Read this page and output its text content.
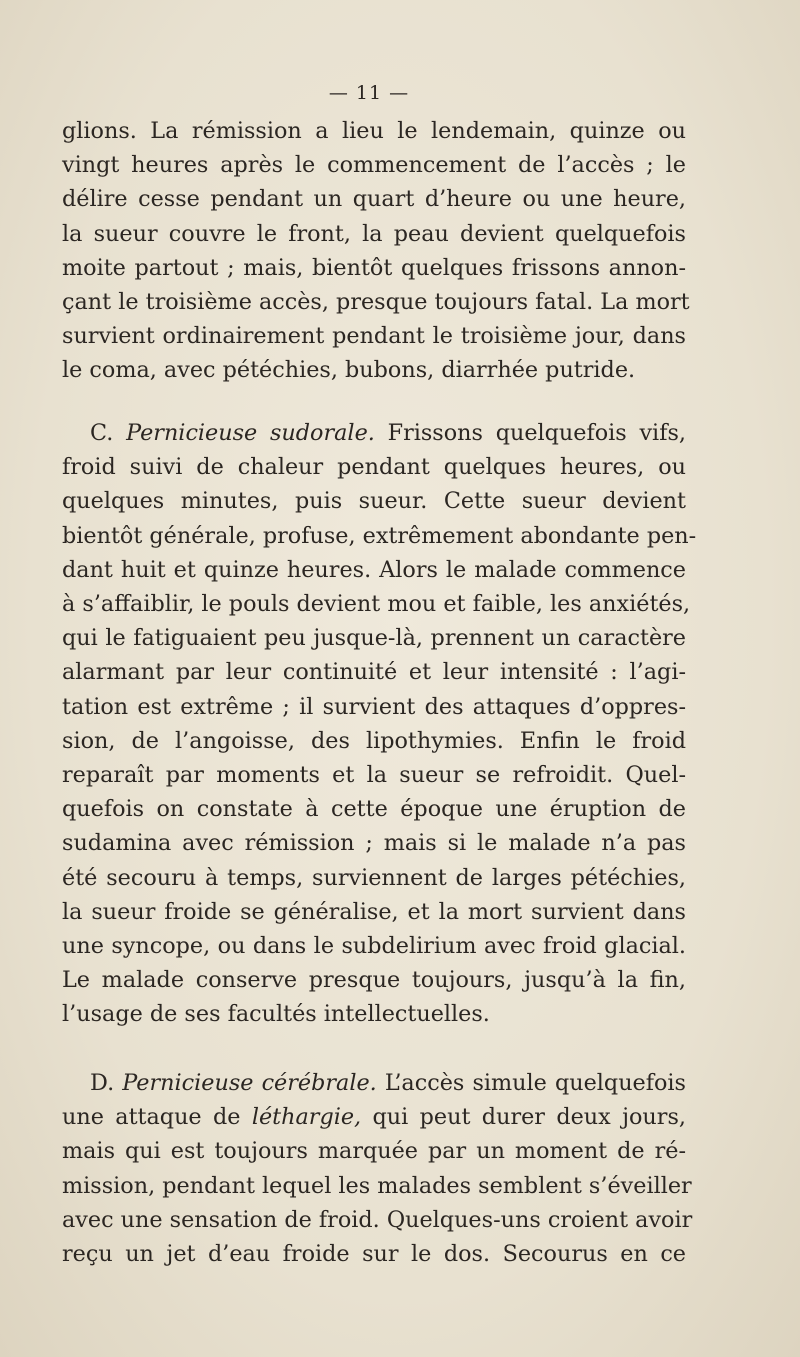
— 11 —
glions. La rémission a lieu le lendemain, quinze ou
vingt heures après le commencement de l’accès ; le
délire cesse pendant un quart d’heure ou une heure,
la sueur couvre le front, la peau devient quelquefois
moite partout ; mais, bientôt quelques frissons annon-
çant le troisième accès, presque toujours fatal. La mort
survient ordinairement pendant le troisième jour, dans
le coma, avec pétéchies, bubons, diarrhée putride.
C. Pernicieuse sudorale. Frissons quelquefois vifs,
froid suivi de chaleur pendant quelques heures, ou
quelques minutes, puis sueur. Cette sueur devient
bientôt générale, profuse, extrêmement abondante pen-
dant huit et quinze heures. Alors le malade commence
à s’affaiblir, le pouls devient mou et faible, les anxiétés,
qui le fatiguaient peu jusque-là, prennent un caractère
alarmant par leur continuité et leur intensité : l’agi-
tation est extrême ; il survient des attaques d’oppres-
sion, de l’angoisse, des lipothymies. Enfin le froid
reparaît par moments et la sueur se refroidit. Quel-
quefois on constate à cette époque une éruption de
sudamina avec rémission ; mais si le malade n’a pas
été secouru à temps, surviennent de larges pétéchies,
la sueur froide se généralise, et la mort survient dans
une syncope, ou dans le subdelirium avec froid glacial.
Le malade conserve presque toujours, jusqu’à la fin,
l’usage de ses facultés intellectuelles.
D. Pernicieuse cérébrale. L’accès simule quelquefois
une attaque de léthargie, qui peut durer deux jours,
mais qui est toujours marquée par un moment de ré-
mission, pendant lequel les malades semblent s’éveiller
avec une sensation de froid. Quelques-uns croient avoir
reçu un jet d’eau froide sur le dos. Secourus en ce
